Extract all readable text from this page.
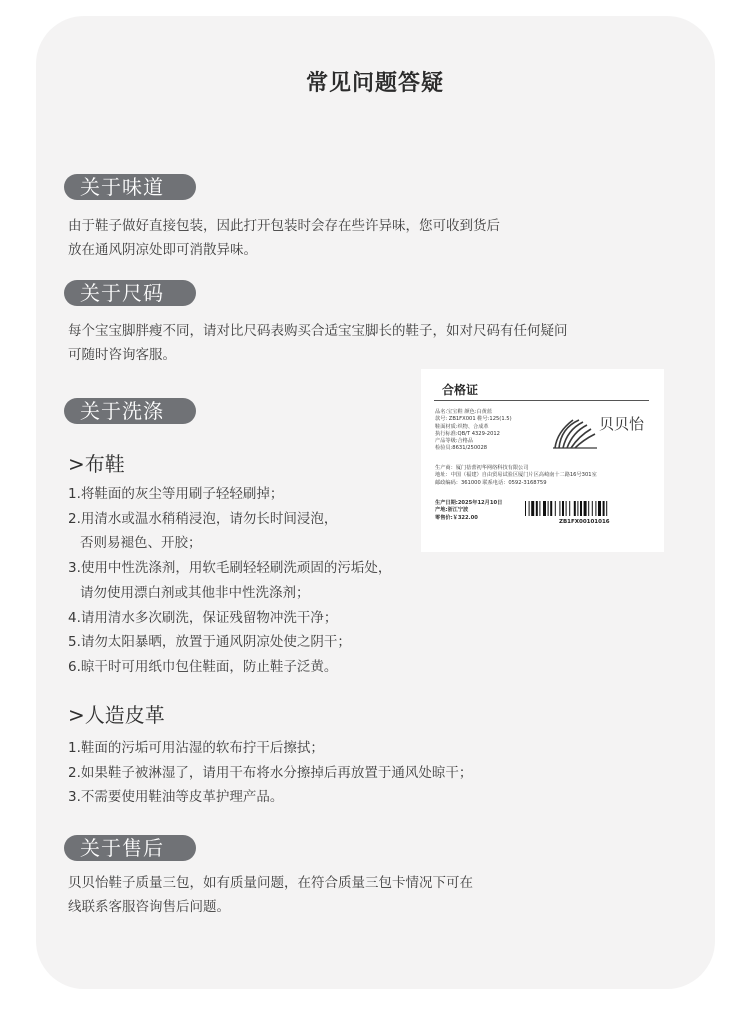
常见问题答疑
关于味道
由于鞋子做好直接包装，因此打开包装时会存在些许异味，您可收到货后
放在通风阴凉处即可消散异味。
关于尺码
每个宝宝脚胖瘦不同，请对比尺码表购买合适宝宝脚长的鞋子，如对尺码有任何疑问
可随时咨询客服。
关于洗涤
>布鞋
1.将鞋面的灰尘等用刷子轻轻刷掉；
2.用清水或温水稍稍浸泡，请勿长时间浸泡，
否则易褪色、开胶；
3.使用中性洗涤剂，用软毛刷轻轻刷洗顽固的污垢处，
请勿使用漂白剂或其他非中性洗涤剂；
4.请用清水多次刷洗，保证残留物冲洗干净；
5.请勿太阳暴晒，放置于通风阴凉处使之阴干；
6.晾干时可用纸巾包住鞋面，防止鞋子泛黄。
>人造皮革
1.鞋面的污垢可用沾湿的软布拧干后擦拭；
2.如果鞋子被淋湿了，请用干布将水分擦掉后再放置于通风处晾干；
3.不需要使用鞋油等皮革护理产品。
关于售后
贝贝怡鞋子质量三包，如有质量问题，在符合质量三包卡情况下可在
线联系客服咨询售后问题。
合格证
品名:宝宝鞋 颜色:白黄蓝
款号: ZB1FX001 鞋号:125(1.5)
鞋面材质:织物、合成革
执行标准:QB/T 4329-2012
产品等级:合格品
检验员:8631/250028
贝贝怡
生产商：厦门蓓蕾初华网络科技有限公司
地址：中国（福建）自由贸易试验区厦门片区高崎南十二路16号301室
邮政编码：361000 联系电话：0592-3168759
生产日期:2025年12月10日
产地:浙江宁波
零售价:￥322.00
ZB1FX00101016
